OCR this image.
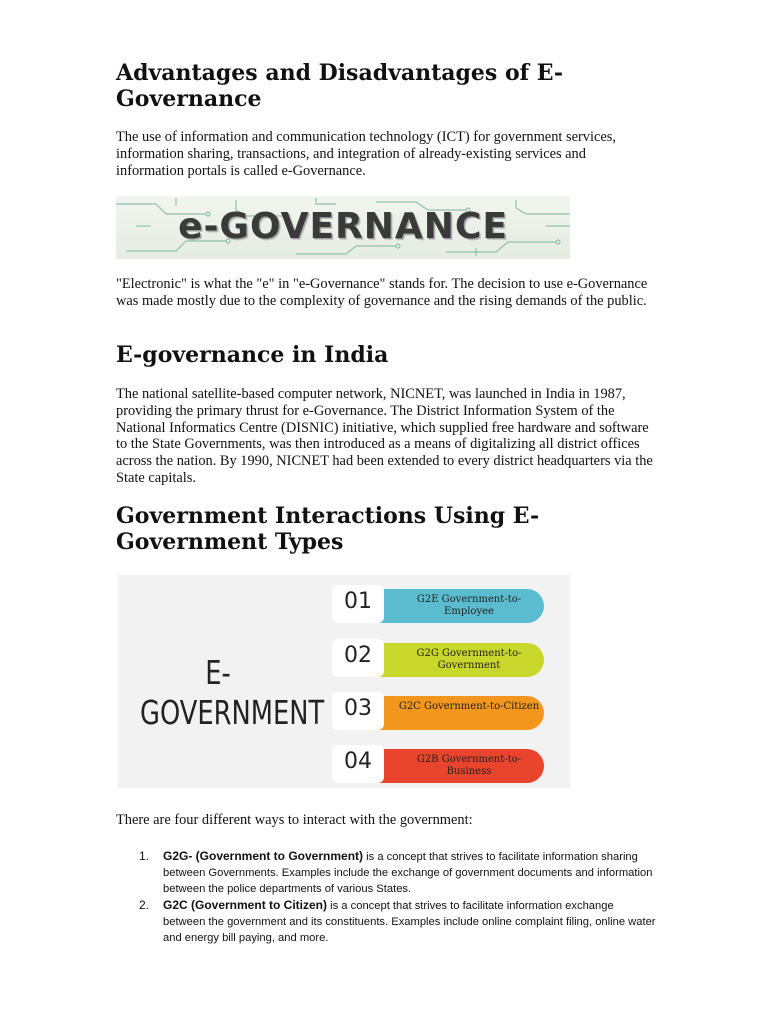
Advantages and Disadvantages of E-Governance

The use of information and communication technology (ICT) for government services, information sharing, transactions, and integration of already-existing services and information portals is called e-Governance.

e-GOVERNANCE

"Electronic" is what the "e" in "e-Governance" stands for. The decision to use e-Governance was made mostly due to the complexity of governance and the rising demands of the public.

E-governance in India

The national satellite-based computer network, NICNET, was launched in India in 1987, providing the primary thrust for e-Governance. The District Information System of the National Informatics Centre (DISNIC) initiative, which supplied free hardware and software to the State Governments, was then introduced as a means of digitalizing all district offices across the nation. By 1990, NICNET had been extended to every district headquarters via the State capitals.

Government Interactions Using E-Government Types
E-GOVERNMENT
01	G2E Government-to-Employee
02	G2G Government-to-Government
03	G2C Government-to-Citizen
04	G2B Government-to-Business

There are four different ways to interact with the government:

1. G2G- (Government to Government) is a concept that strives to facilitate information sharing between Governments. Examples include the exchange of government documents and information between the police departments of various States.
2. G2C (Government to Citizen) is a concept that strives to facilitate information exchange between the government and its constituents. Examples include online complaint filing, online water and energy bill paying, and more.
